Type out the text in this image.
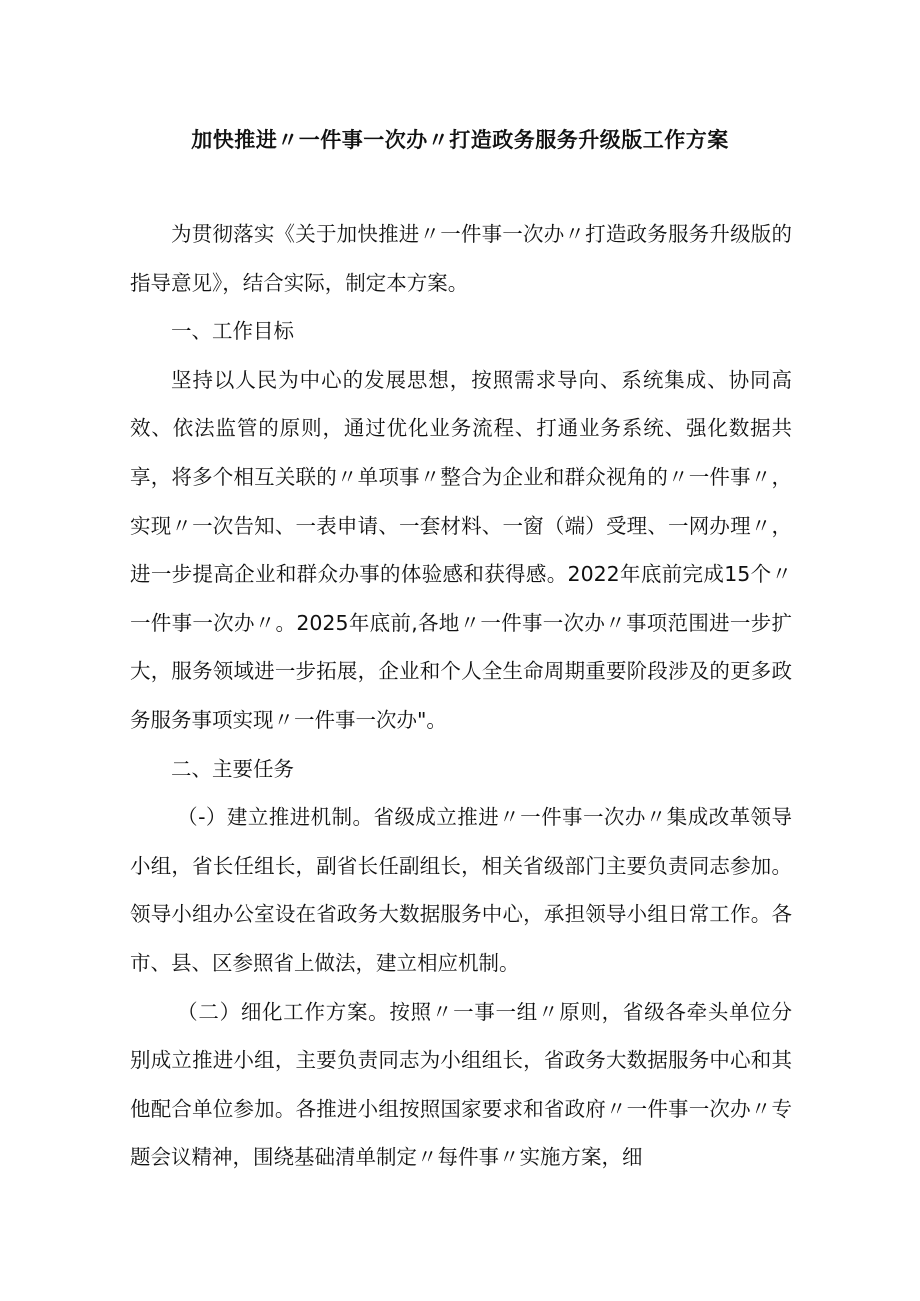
加快推进〃一件事一次办〃打造政务服务升级版工作方案

为贯彻落实《关于加快推进〃一件事一次办〃打造政务服务升级版的指导意见》，结合实际，制定本方案。

一、工作目标

坚持以人民为中心的发展思想，按照需求导向、系统集成、协同高效、依法监管的原则，通过优化业务流程、打通业务系统、强化数据共享，将多个相互关联的〃单项事〃整合为企业和群众视角的〃一件事〃，实现〃一次告知、一表申请、一套材料、一窗（端）受理、一网办理〃，进一步提高企业和群众办事的体验感和获得感。2022年底前完成15个〃一件事一次办〃。2025年底前,各地〃一件事一次办〃事项范围进一步扩大，服务领域进一步拓展，企业和个人全生命周期重要阶段涉及的更多政务服务事项实现〃一件事一次办"。

二、主要任务

（-）建立推进机制。省级成立推进〃一件事一次办〃集成改革领导小组，省长任组长，副省长任副组长，相关省级部门主要负责同志参加。领导小组办公室设在省政务大数据服务中心，承担领导小组日常工作。各市、县、区参照省上做法，建立相应机制。

（二）细化工作方案。按照〃一事一组〃原则，省级各牵头单位分别成立推进小组，主要负责同志为小组组长，省政务大数据服务中心和其他配合单位参加。各推进小组按照国家要求和省政府〃一件事一次办〃专题会议精神，围绕基础清单制定〃每件事〃实施方案，细
